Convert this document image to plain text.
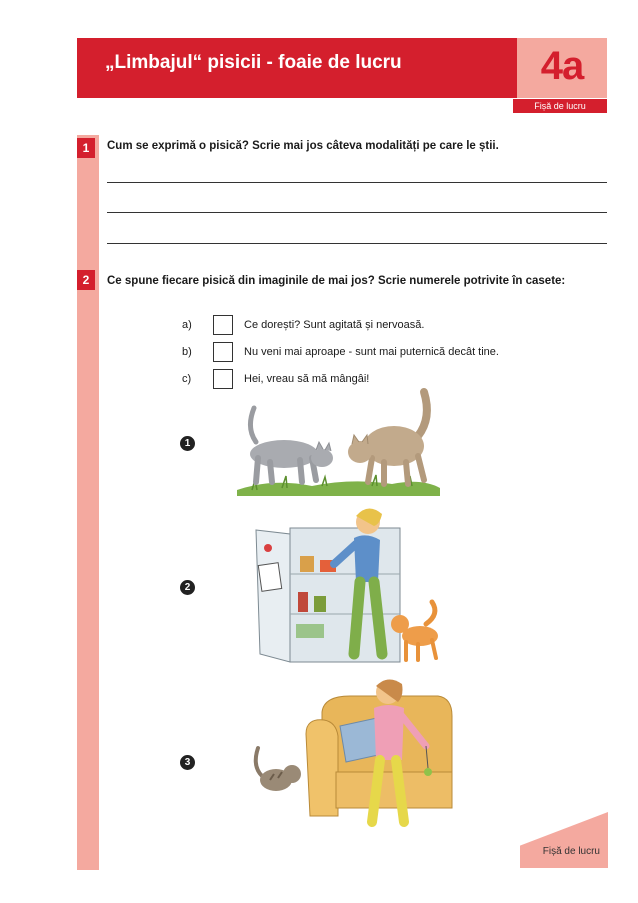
„Limbajul“ pisicii - foaie de lucru	4a
Fișă de lucru
1	Cum se exprimă o pisică? Scrie mai jos câteva modalități pe care le știi.
2	Ce spune fiecare pisică din imaginile de mai jos? Scrie numerele potrivite în casete:
a)	Ce dorești? Sunt agitată și nervoasă.
b)	Nu veni mai aproape - sunt mai puternică decât tine.
c)	Hei, vreau să mă mângâi!
1
2
3
Fișă de lucru
